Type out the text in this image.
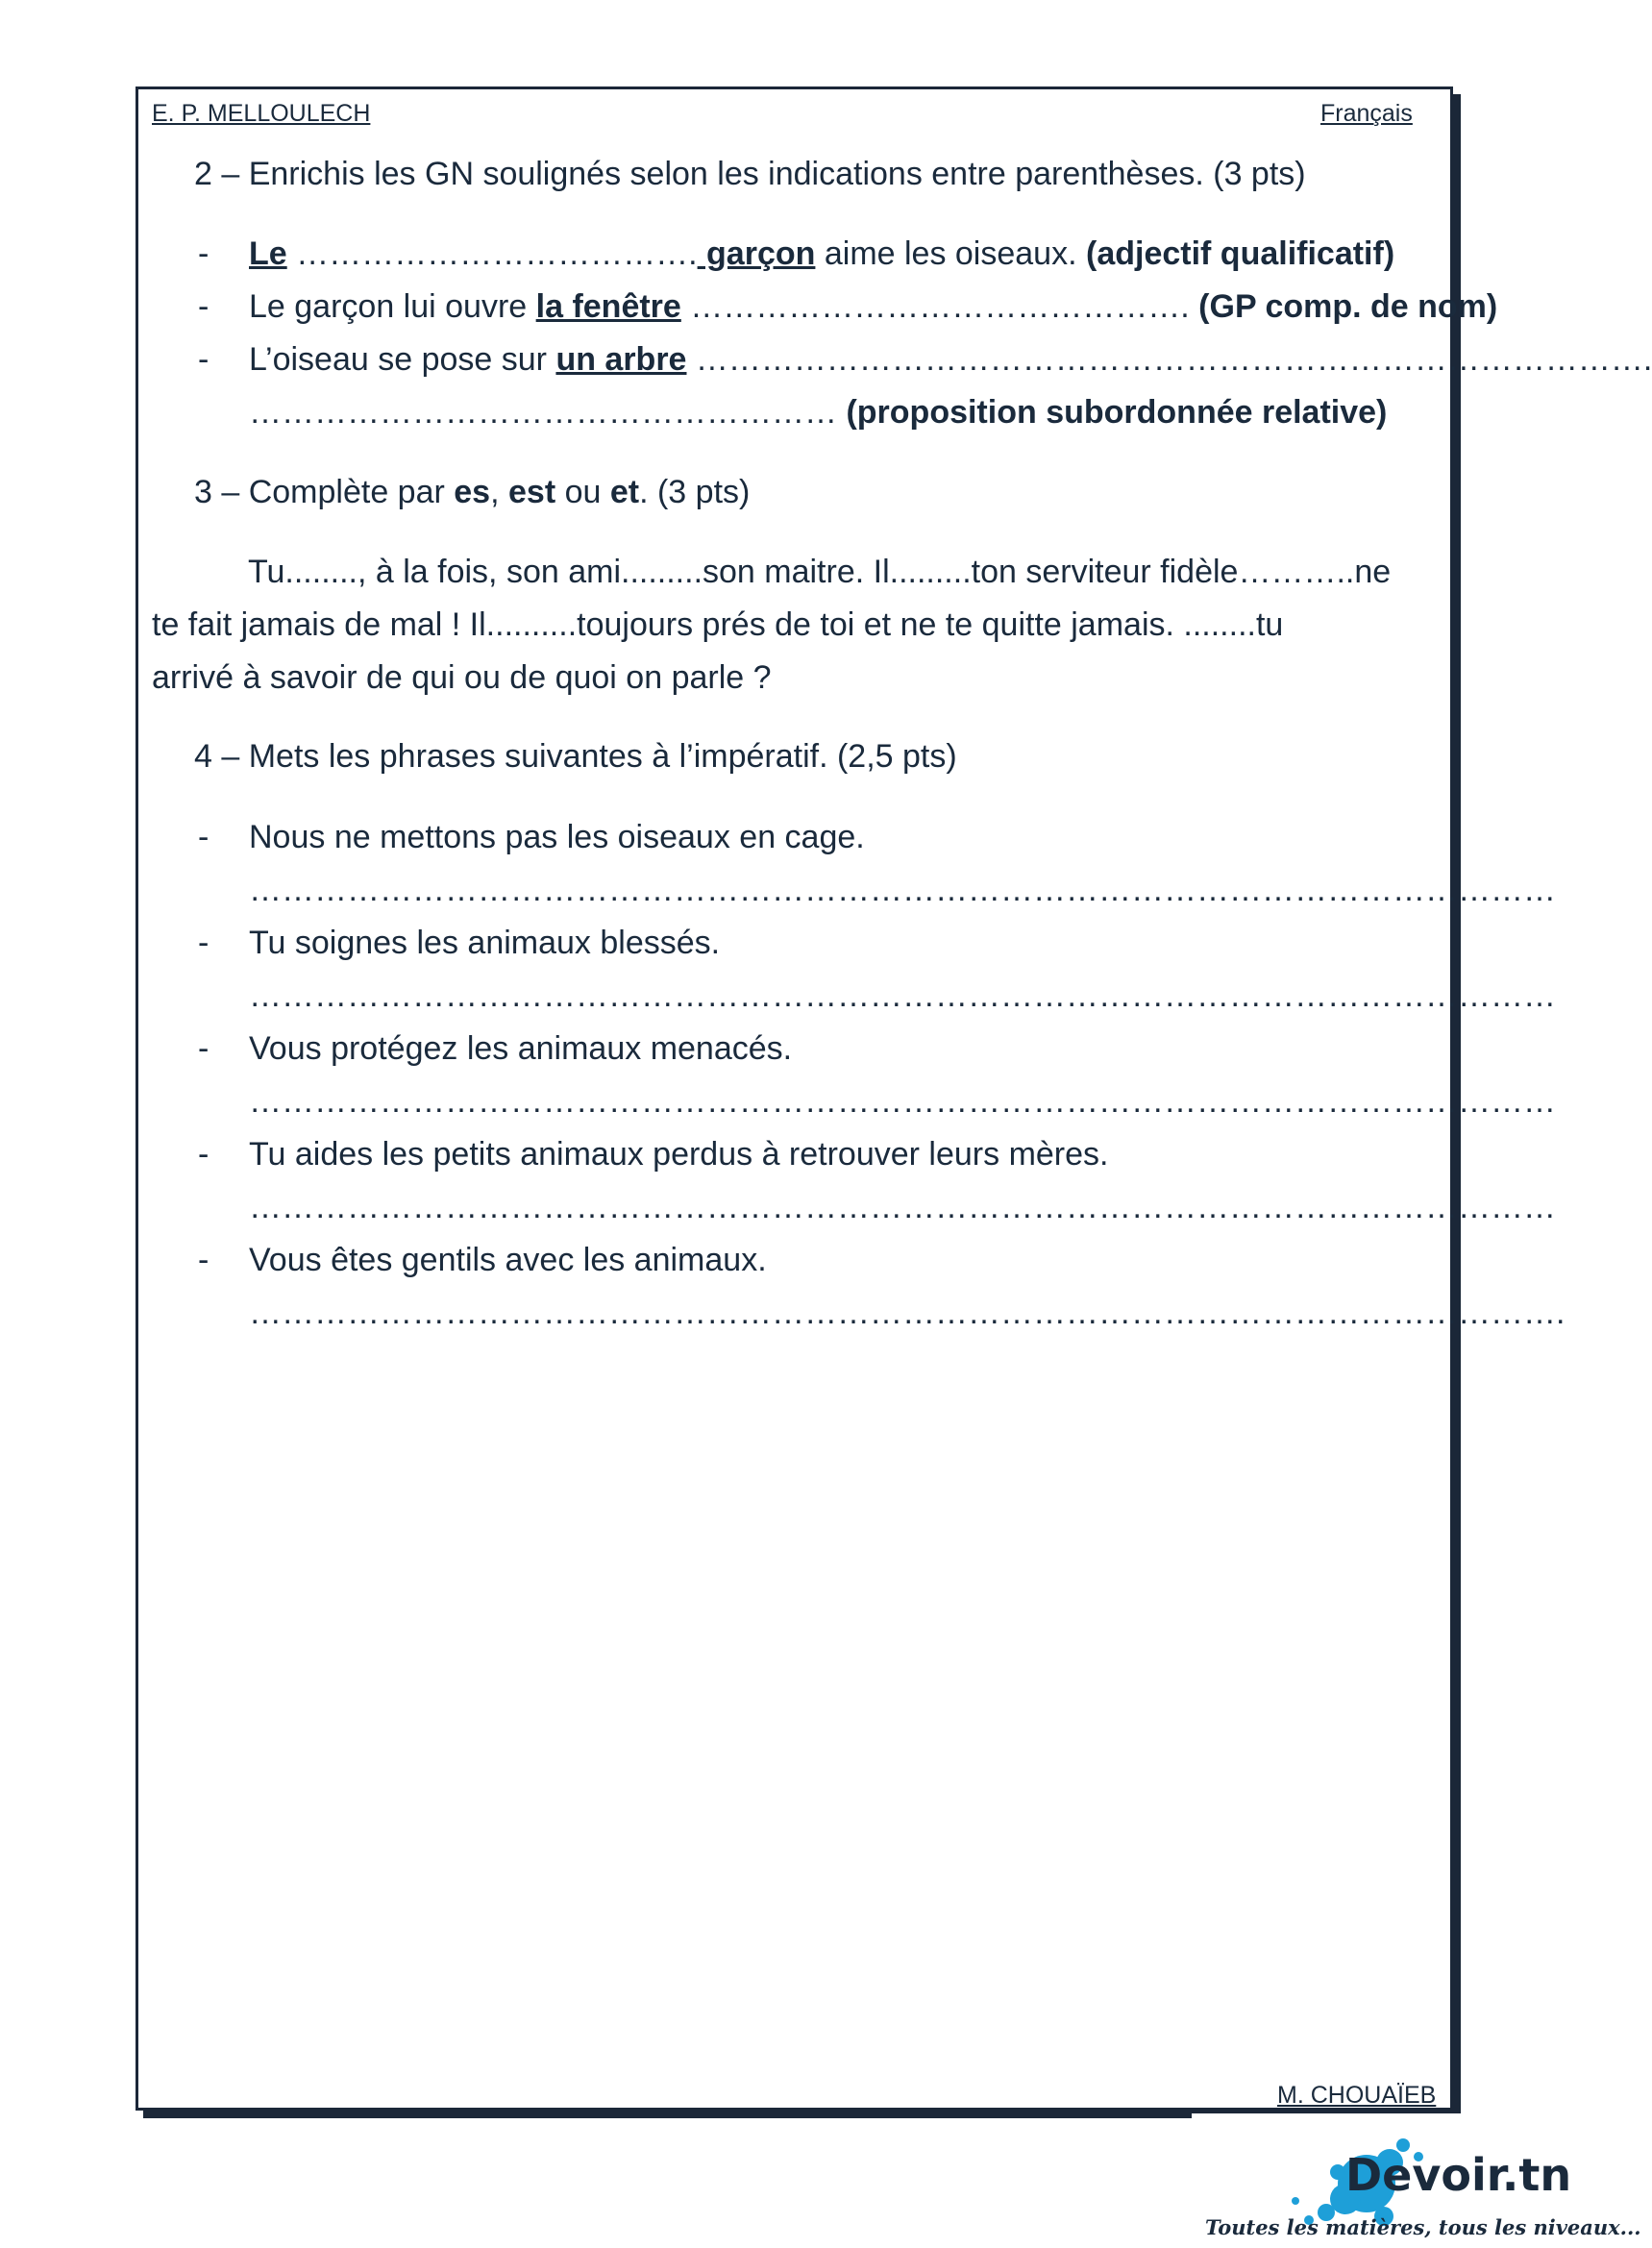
E. P. MELLOULECH	Français
2 – Enrichis les GN soulignés selon les indications entre parenthèses. (3 pts)
- Le ………………………………. garçon aime les oiseaux. (adjectif qualificatif)
- Le garçon lui ouvre la fenêtre ………………………………………. (GP comp. de nom)
- L’oiseau se pose sur un arbre …………………………………………………………………………….
……………………………………………… (proposition subordonnée relative)
3 – Complète par es, est ou et. (3 pts)
Tu........, à la fois, son ami.........son maitre. Il.........ton serviteur fidèle………..ne
te fait jamais de mal ! Il..........toujours prés de toi et ne te quitte jamais. ........tu
arrivé à savoir de qui ou de quoi on parle ?
4 – Mets les phrases suivantes à l’impératif. (2,5 pts)
- Nous ne mettons pas les oiseaux en cage.
…………………………………………………………………………………………………………
- Tu soignes les animaux blessés.
…………………………………………………………………………………………………………
- Vous protégez les animaux menacés.
…………………………………………………………………………………………………………
- Tu aides les petits animaux perdus à retrouver leurs mères.
…………………………………………………………………………………………………………
- Vous êtes gentils avec les animaux.
………………………………………………………………………………………………………….
M. CHOUAÏEB
Devoir.tn
Toutes les matières, tous les niveaux...
